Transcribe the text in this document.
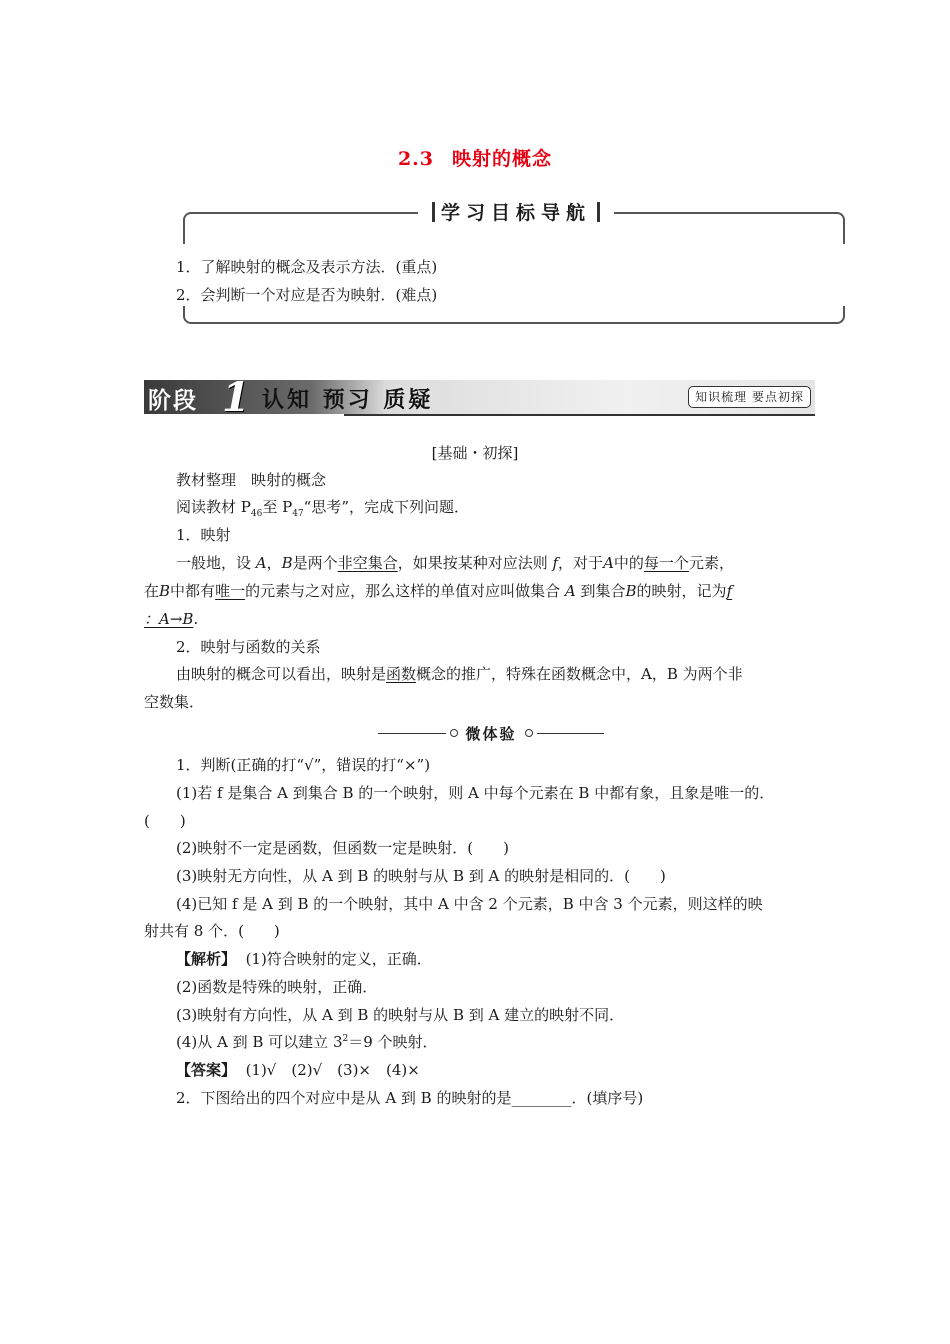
2.3 映射的概念
学习目标导航
1．了解映射的概念及表示方法．(重点)
2．会判断一个对应是否为映射．(难点)
阶段 1 认知 预习 质疑	知识梳理 要点初探
[基础・初探]
教材整理　映射的概念
阅读教材 $P_{46}$至 $P_{47}“$思考”，完成下列问题．
1．映射
一般地，设 A，B是两个非空集合，如果按某种对应法则 f，对于A中的每一个元素，
在B中都有唯一的元素与之对应，那么这样的单值对应叫做集合 A 到集合B的映射，记为f
：A→B.
2．映射与函数的关系
由映射的概念可以看出，映射是函数概念的推广，特殊在函数概念中，A，B 为两个非
空数集．
微体验
1．判断(正确的打“√”，错误的打“×”)
(1)若 f 是集合 A 到集合 B 的一个映射，则 A 中每个元素在 B 中都有象，且象是唯一的．
(　　)
(2)映射不一定是函数，但函数一定是映射．(　　)
(3)映射无方向性，从 A 到 B 的映射与从 B 到 A 的映射是相同的．(　　)
(4)已知 f 是 A 到 B 的一个映射，其中 A 中含 2 个元素，B 中含 3 个元素，则这样的映
射共有 8 个．(　　)
【解析】 (1)符合映射的定义，正确．
(2)函数是特殊的映射，正确．
(3)映射有方向性，从 A 到 B 的映射与从 B 到 A 建立的映射不同．
(4)从 A 到 B 可以建立 $3^2=9$ 个映射．
【答案】 (1)√　(2)√　(3)×　(4)×
2．下图给出的四个对应中是从 A 到 B 的映射的是________．(填序号)
